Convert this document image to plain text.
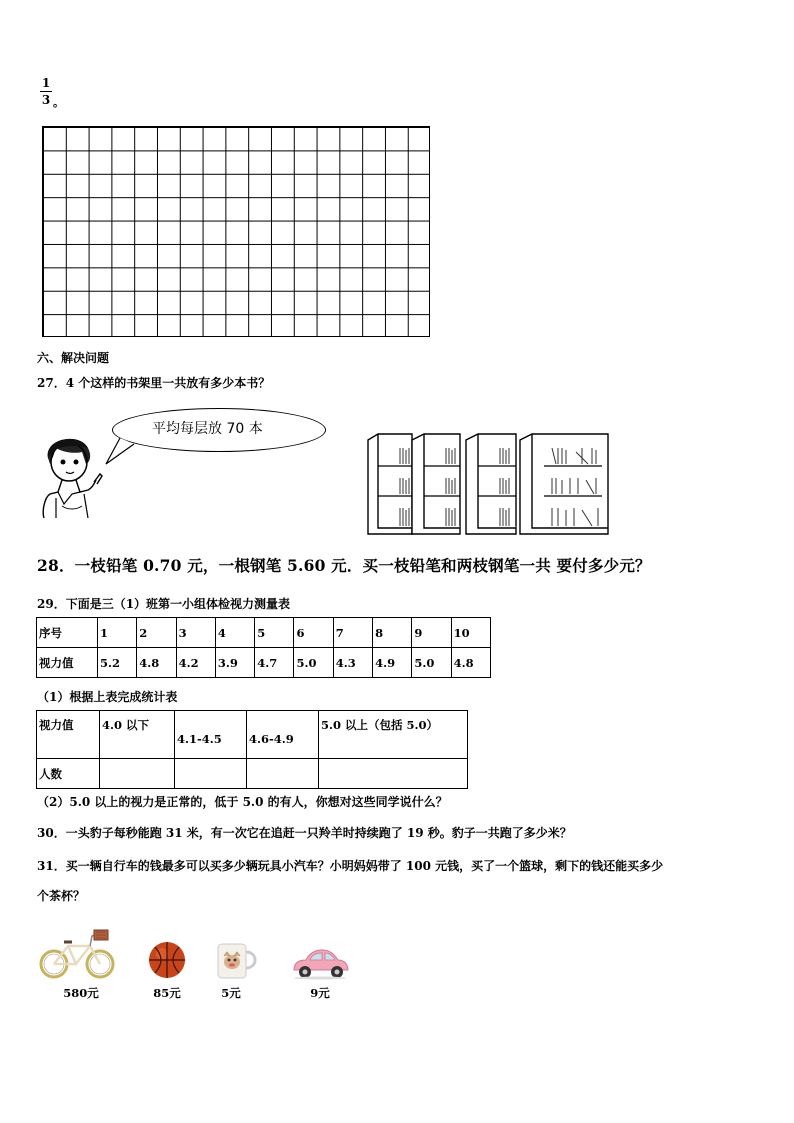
1
3 。
六、解决问题
27．4 个这样的书架里一共放有多少本书？
平均每层放 70 本
28．一枝铅笔 0.70 元，一根钢笔 5.60 元．买一枝铅笔和两枝钢笔一共 要付多少元？
29．下面是三（1）班第一小组体检视力测量表
序号	1	2	3	4	5	6	7	8	9	10
视力值	5.2	4.8	4.2	3.9	4.7	5.0	4.3	4.9	5.0	4.8
（1）根据上表完成统计表
视力值	4.0 以下	4.1-4.5	4.6-4.9	5.0 以上（包括 5.0）
人数				
（2）5.0 以上的视力是正常的，低于 5.0 的有人，你想对这些同学说什么？
30．一头豹子每秒能跑 31 米，有一次它在追赶一只羚羊时持续跑了 19 秒。豹子一共跑了多少米？
31．买一辆自行车的钱最多可以买多少辆玩具小汽车？小明妈妈带了 100 元钱，买了一个篮球，剩下的钱还能买多少
个茶杯？
580元	85元	5元	9元
